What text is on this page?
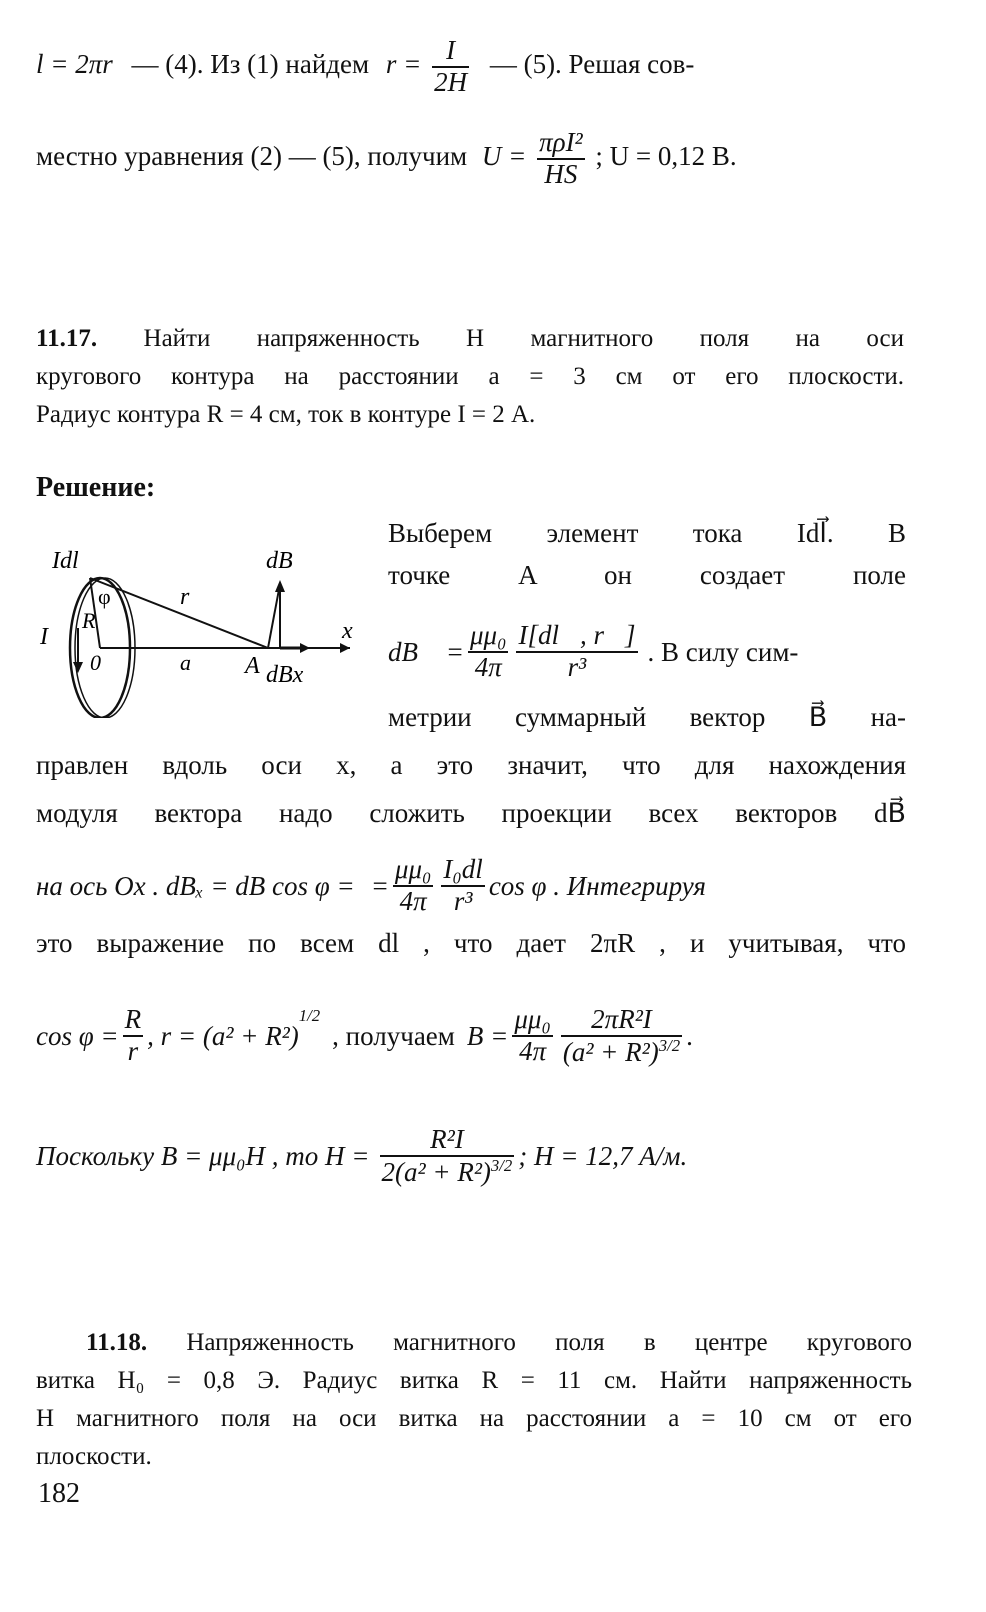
l = 2πr — (4). Из (1) найдем $r = \frac{I}{2H}$ — (5). Решая сов-
местно уравнения (2) — (5), получим $U = \frac{\text{πρI²}}{HS}$ ; U = 0,12 В.
11.17. Найти напряженность H магнитного поля на оси
кругового контура на расстоянии a = 3 см от его плоскости.
Радиус контура R = 4 см, ток в контуре I = 2 А.
Решение:
Idl	dB
φ	r
x
I
R
0	a A dBx
Выберем элемент тока Idl⃗. В
точке A он создает поле
dB⃗ = $\frac{\text{μμ₀}}{4\pi} \frac{I[dl⃗, r⃗]}{\text{r³}}$ . В силу сим-
метрии суммарный вектор B⃗ на-
правлен вдоль оси x, а это значит, что для нахождения
модуля вектора надо сложить проекции всех векторов dB⃗
на ось Ox . dBₓ = dB cos φ = = $\frac{\text{μμ₀}}{4\pi} \frac{\text{I₀dl}}{\text{r³}}$ cos φ . Интегрируя
это выражение по всем dl , что дает 2πR , и учитывая, что
$\cos \varphi = \frac{R}{r}$ , r = (a² + R²)
$^{1/2}$
, получаем $B = \frac{\text{μμ₀}}{4\pi} \frac{\text{2πR²I}}{(a^2 + R^2)^{3/2}}$ .
Поскольку B = μμ₀H , то $H = \frac{\text{R²I}}{2(a^2 + R^2)^{3/2}}$ ; H = 12,7 А/м.
11.18. Напряженность магнитного поля в центре кругового
витка H₀ = 0,8 Э. Радиус витка R = 11 см. Найти напряженность
H магнитного поля на оси витка на расстоянии a = 10 см от его
плоскости.
182
